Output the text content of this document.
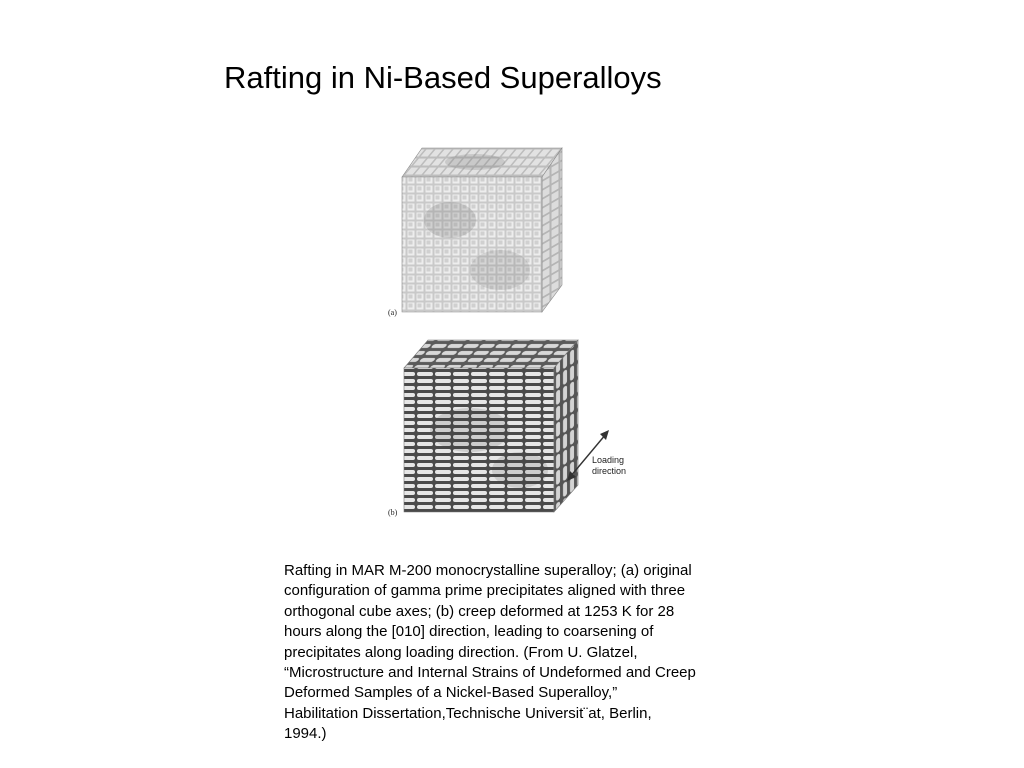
Rafting in Ni-Based Superalloys
(a)
(b)
Loading
direction
Rafting in MAR M-200 monocrystalline superalloy; (a) original
configuration of gamma prime precipitates aligned with three
orthogonal cube axes; (b) creep deformed at 1253 K for 28
hours along the [010] direction, leading to coarsening of
precipitates along loading direction. (From U. Glatzel,
“Microstructure and Internal Strains of Undeformed and Creep
Deformed Samples of a Nickel-Based Superalloy,”
Habilitation Dissertation,Technische Universit¨at, Berlin,
1994.)
